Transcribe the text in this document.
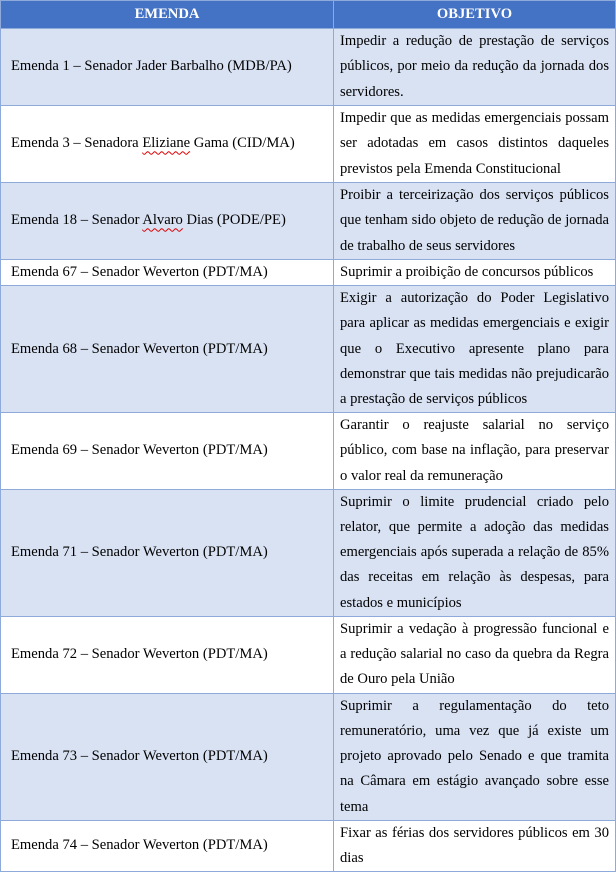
EMENDA	OBJETIVO
Emenda 1 – Senador Jader Barbalho (MDB/PA)	Impedir a redução de prestação de serviços públicos, por meio da redução da jornada dos servidores.
Emenda 3 – Senadora Eliziane Gama (CID/MA)	Impedir que as medidas emergenciais possam ser adotadas em casos distintos daqueles previstos pela Emenda Constitucional
Emenda 18 – Senador Alvaro Dias (PODE/PE)	Proibir a terceirização dos serviços públicos que tenham sido objeto de redução de jornada de trabalho de seus servidores
Emenda 67 – Senador Weverton (PDT/MA)	Suprimir a proibição de concursos públicos
Emenda 68 – Senador Weverton (PDT/MA)	Exigir a autorização do Poder Legislativo para aplicar as medidas emergenciais e exigir que o Executivo apresente plano para demonstrar que tais medidas não prejudicarão a prestação de serviços públicos
Emenda 69 – Senador Weverton (PDT/MA)	Garantir o reajuste salarial no serviço público, com base na inflação, para preservar o valor real da remuneração
Emenda 71 – Senador Weverton (PDT/MA)	Suprimir o limite prudencial criado pelo relator, que permite a adoção das medidas emergenciais após superada a relação de 85% das receitas em relação às despesas, para estados e municípios
Emenda 72 – Senador Weverton (PDT/MA)	Suprimir a vedação à progressão funcional e a redução salarial no caso da quebra da Regra de Ouro pela União
Emenda 73 – Senador Weverton (PDT/MA)	Suprimir a regulamentação do teto remuneratório, uma vez que já existe um projeto aprovado pelo Senado e que tramita na Câmara em estágio avançado sobre esse tema
Emenda 74 – Senador Weverton (PDT/MA)	Fixar as férias dos servidores públicos em 30 dias
